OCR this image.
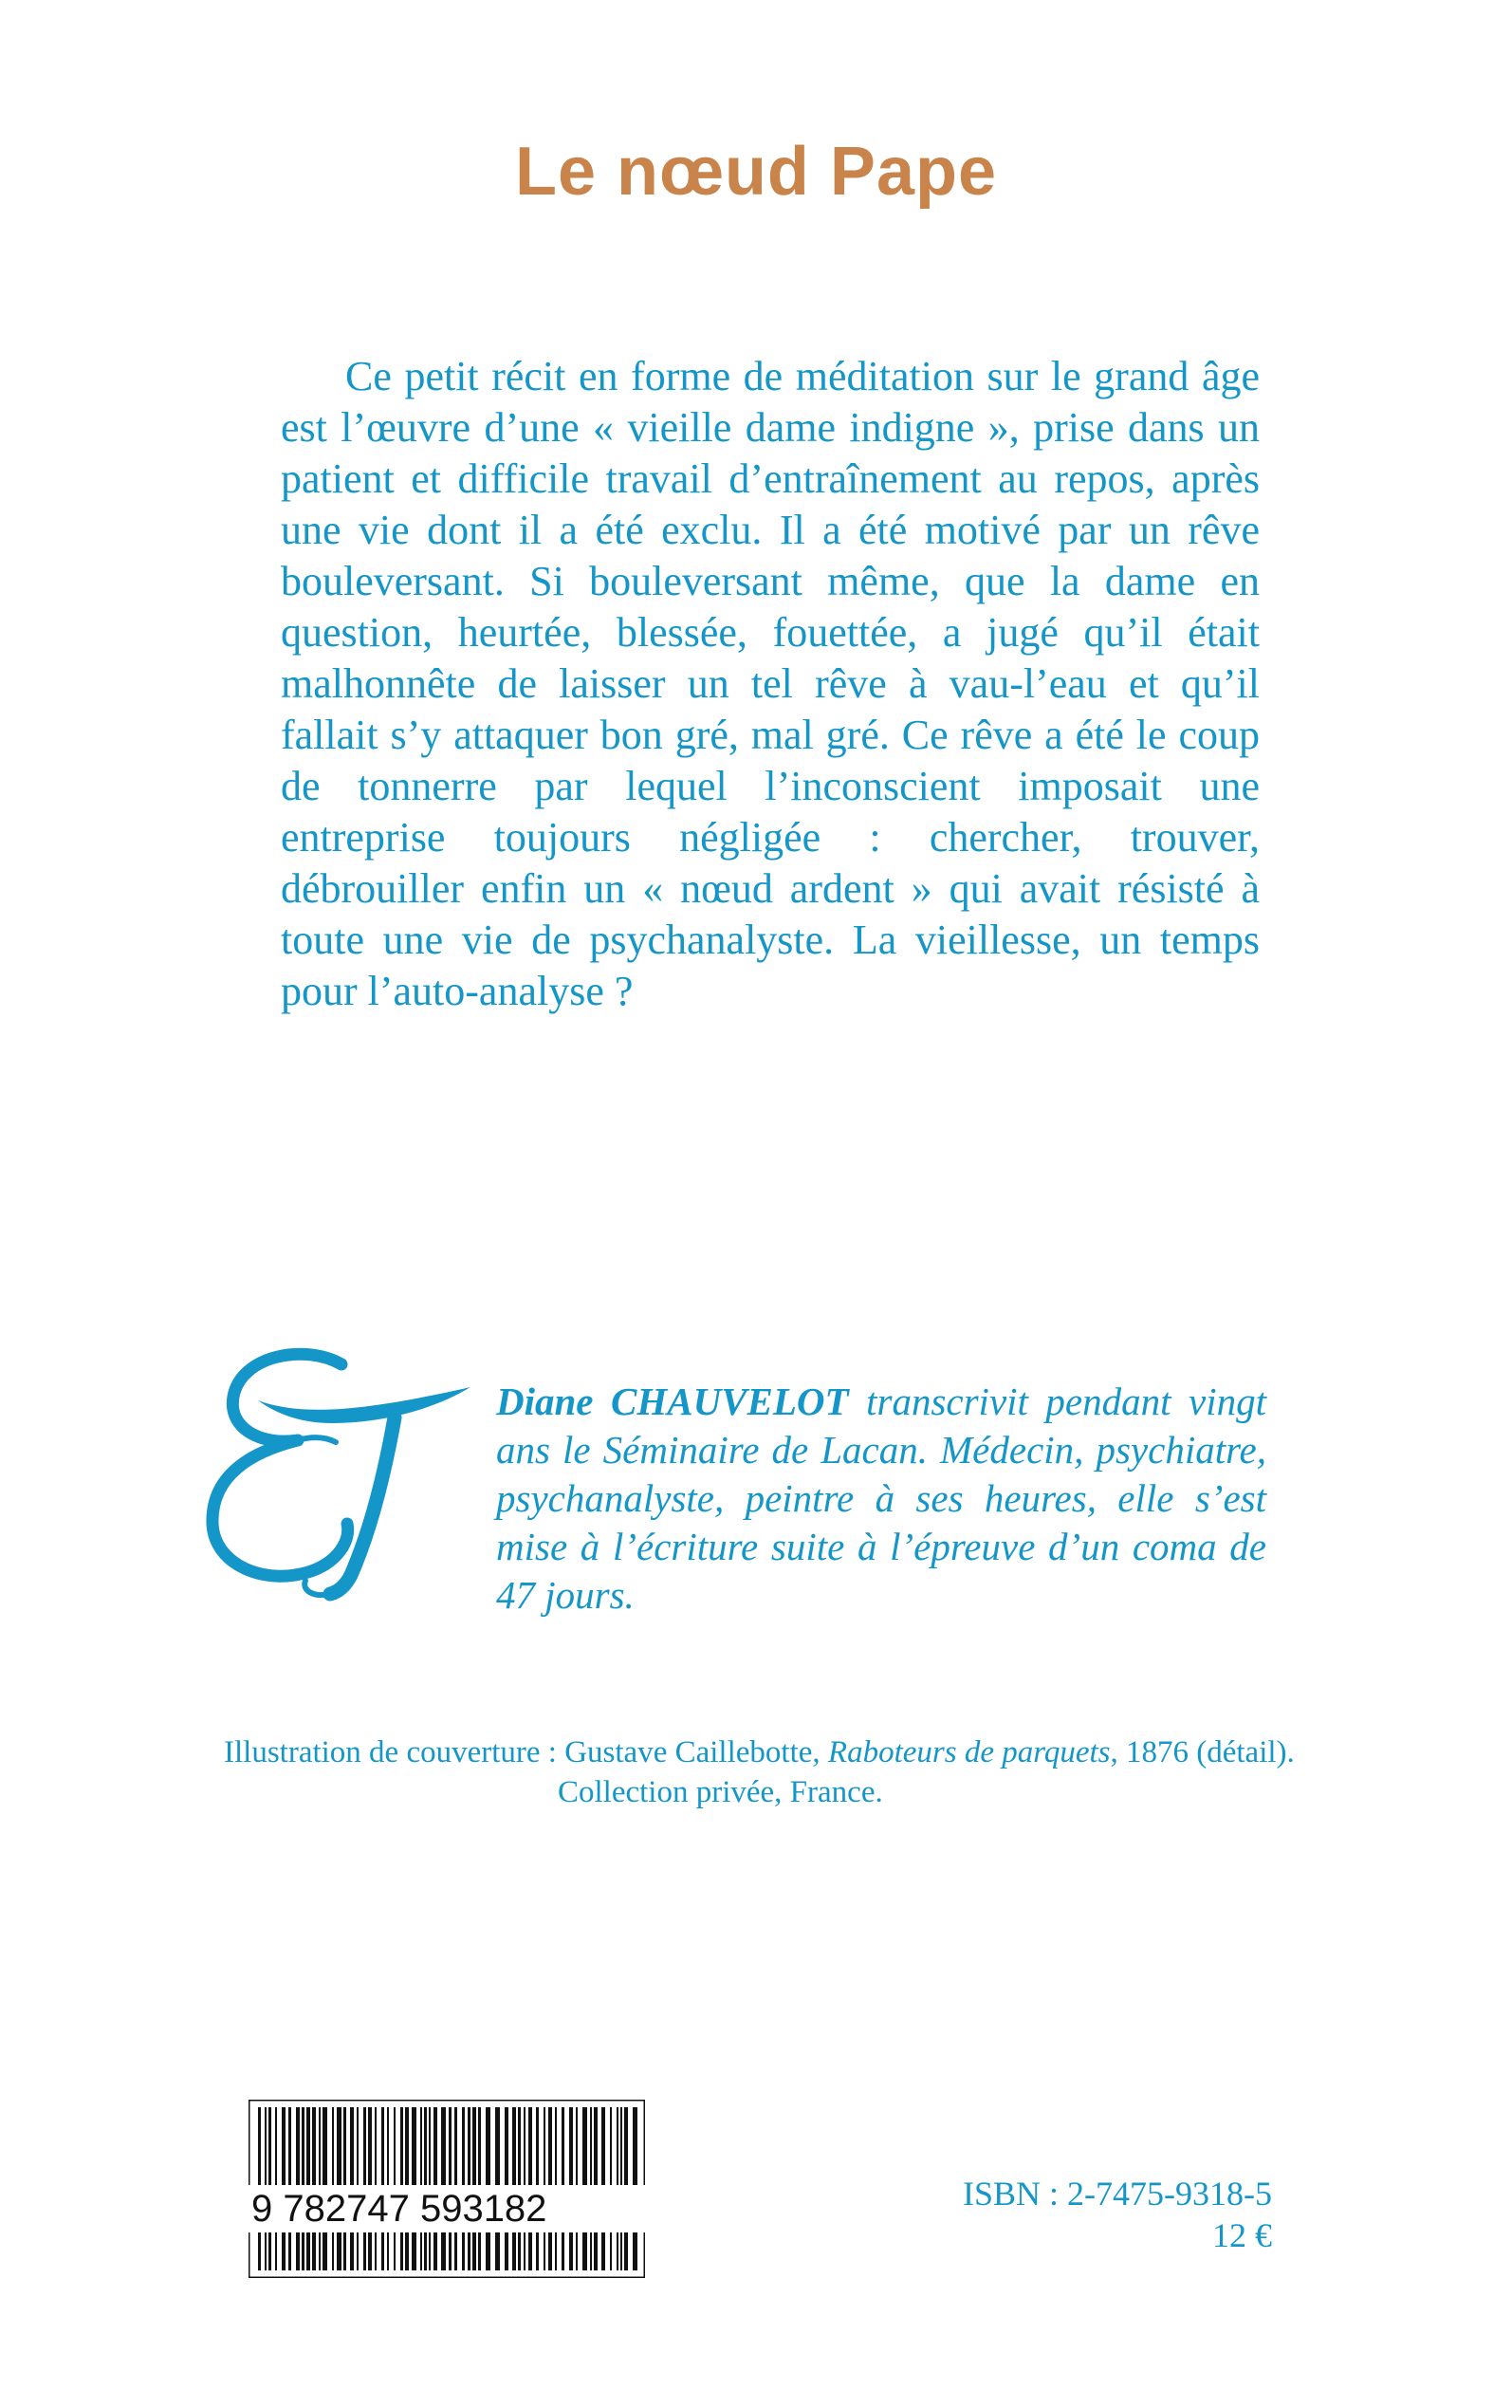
Le nœud Pape

Ce petit récit en forme de méditation sur le grand âge est l’œuvre d’une « vieille dame indigne », prise dans un patient et difficile travail d’entraînement au repos, après une vie dont il a été exclu. Il a été motivé par un rêve bouleversant. Si bouleversant même, que la dame en question, heurtée, blessée, fouettée, a jugé qu’il était malhonnête de laisser un tel rêve à vau-l’eau et qu’il fallait s’y attaquer bon gré, mal gré. Ce rêve a été le coup de tonnerre par lequel l’inconscient imposait une entreprise toujours négligée : chercher, trouver, débrouiller enfin un « nœud ardent » qui avait résisté à toute une vie de psychanalyste. La vieillesse, un temps pour l’auto-analyse ?

Diane CHAUVELOT transcrivit pendant vingt ans le Séminaire de Lacan. Médecin, psychiatre, psychanalyste, peintre à ses heures, elle s’est mise à l’écriture suite à l’épreuve d’un coma de 47 jours.

Illustration de couverture : Gustave Caillebotte, Raboteurs de parquets, 1876 (détail).
Collection privée, France.

9 782747 593182	ISBN : 2-7475-9318-5

12 €
